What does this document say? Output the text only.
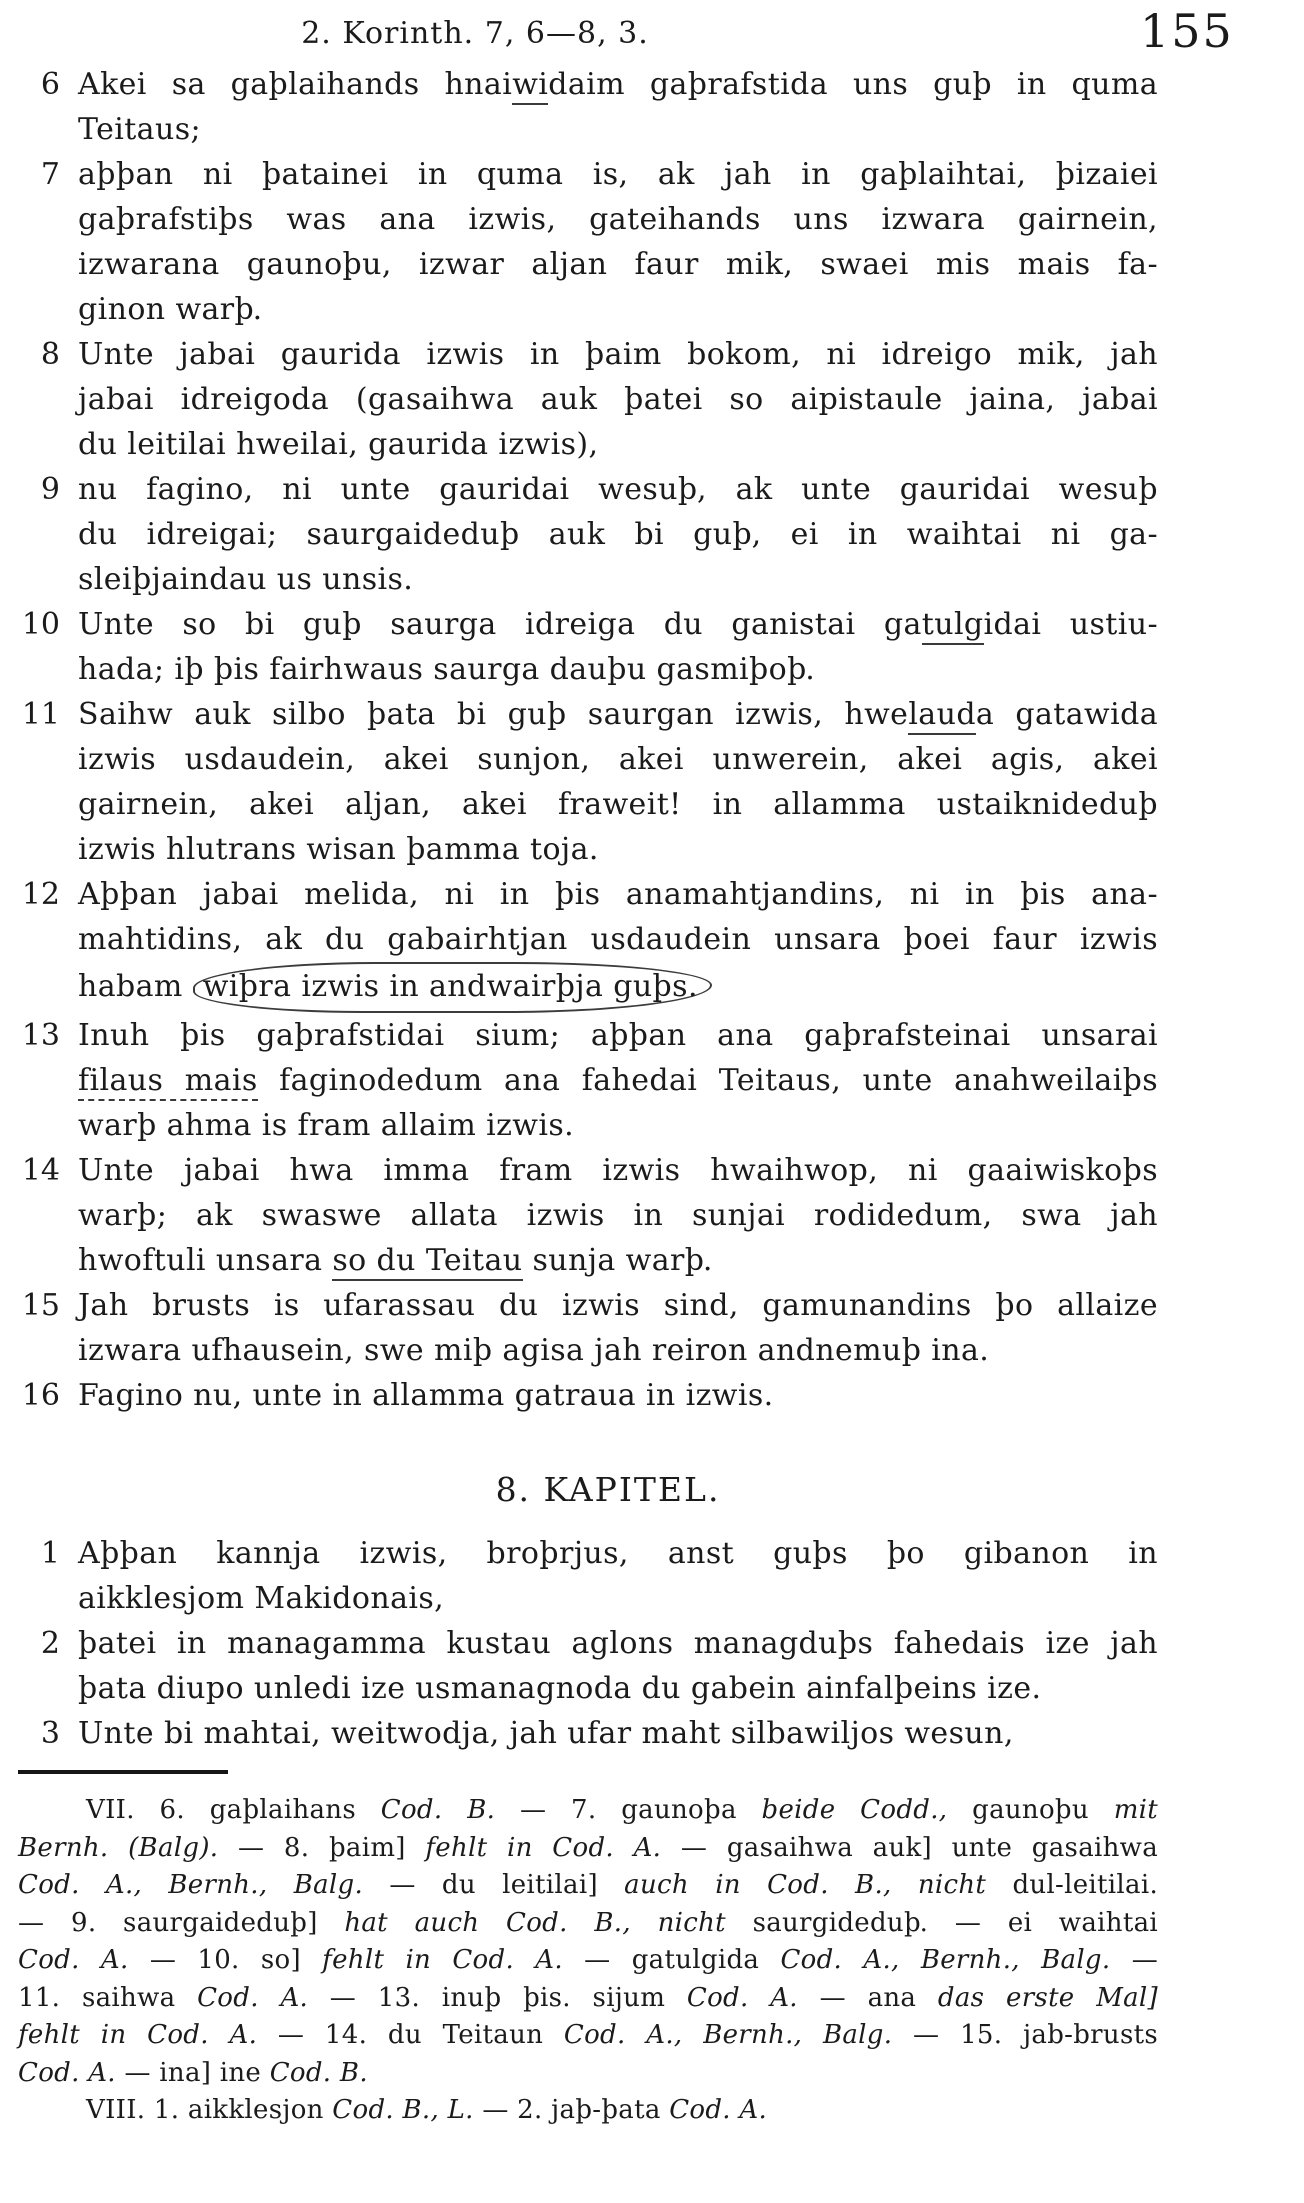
2. Korinth. 7, 6—8, 3.	155
6 Akei sa gaþlaihands hnaiwidaim gaþrafstida uns guþ in quma
Teitaus;
7 aþþan ni þatainei in quma is, ak jah in gaþlaihtai, þizaiei
gaþrafstiþs was ana izwis, gateihands uns izwara gairnein,
izwarana gaunoþu, izwar aljan faur mik, swaei mis mais fa-
ginon warþ.
8 Unte jabai gaurida izwis in þaim bokom, ni idreigo mik, jah
jabai idreigoda (gasaihwa auk þatei so aipistaule jaina, jabai
du leitilai hweilai, gaurida izwis),
9 nu fagino, ni unte gauridai wesuþ, ak unte gauridai wesuþ
du idreigai; saurgaideduþ auk bi guþ, ei in waihtai ni ga-
sleiþjaindau us unsis.
10 Unte so bi guþ saurga idreiga du ganistai gatulgidai ustiu-
hada; iþ þis fairhwaus saurga dauþu gasmiþoþ.
11 Saihw auk silbo þata bi guþ saurgan izwis, hwelauda gatawida
izwis usdaudein, akei sunjon, akei unwerein, akei agis, akei
gairnein, akei aljan, akei fraweit! in allamma ustaiknideduþ
izwis hlutrans wisan þamma toja.
12 Aþþan jabai melida, ni in þis anamahtjandins, ni in þis ana-
mahtidins, ak du gabairhtjan usdaudein unsara þoei faur izwis
habam wiþra izwis in andwairþja guþs.
13 Inuh þis gaþrafstidai sium; aþþan ana gaþrafsteinai unsarai
filaus mais faginodedum ana fahedai Teitaus, unte anahweilaiþs
warþ ahma is fram allaim izwis.
14 Unte jabai hwa imma fram izwis hwaihwop, ni gaaiwiskoþs
warþ; ak swaswe allata izwis in sunjai rodidedum, swa jah
hwoftuli unsara so du Teitau sunja warþ.
15 Jah brusts is ufarassau du izwis sind, gamunandins þo allaize
izwara ufhausein, swe miþ agisa jah reiron andnemuþ ina.
16 Fagino nu, unte in allamma gatraua in izwis.
8. KAPITEL.
1 Aþþan kannja izwis, broþrjus, anst guþs þo gibanon in
aikklesjom Makidonais,
2 þatei in managamma kustau aglons managduþs fahedais ize jah
þata diupo unledi ize usmanagnoda du gabein ainfalþeins ize.
3 Unte bi mahtai, weitwodja, jah ufar maht silbawiljos wesun,
VII. 6. gaþlaihans Cod. B. — 7. gaunoþa beide Codd., gaunoþu mit
Bernh. (Balg). — 8. þaim] fehlt in Cod. A. — gasaihwa auk] unte gasaihwa
Cod. A., Bernh., Balg. — du leitilai] auch in Cod. B., nicht dul-leitilai.
— 9. saurgaideduþ] hat auch Cod. B., nicht saurgideduþ. — ei waihtai
Cod. A. — 10. so] fehlt in Cod. A. — gatulgida Cod. A., Bernh., Balg. —
11. saihwa Cod. A. — 13. inuþ þis. sijum Cod. A. — ana das erste Mal]
fehlt in Cod. A. — 14. du Teitaun Cod. A., Bernh., Balg. — 15. jab-brusts
Cod. A. — ina] ine Cod. B.
VIII. 1. aikklesjon Cod. B., L. — 2. jaþ-þata Cod. A.
